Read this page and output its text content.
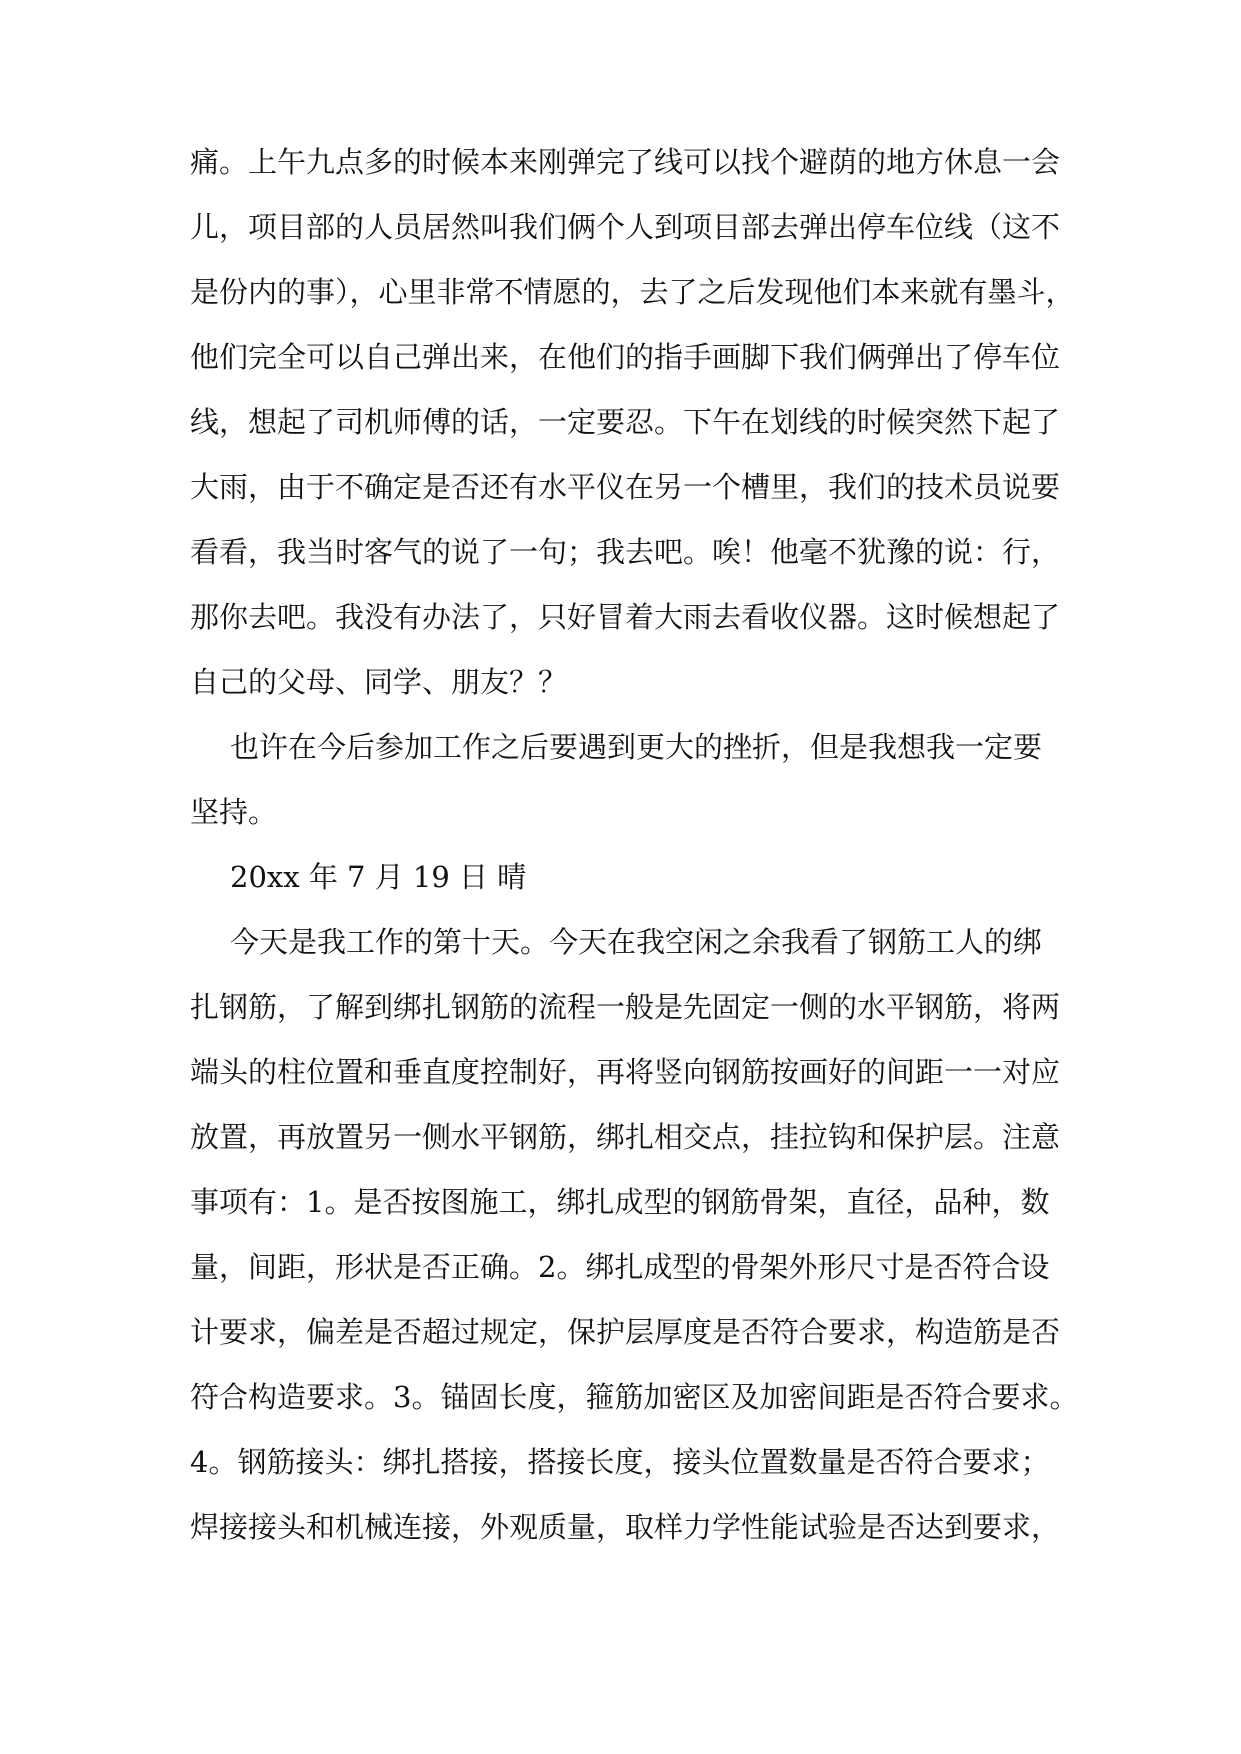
痛。上午九点多的时候本来刚弹完了线可以找个避荫的地方休息一会
儿，项目部的人员居然叫我们俩个人到项目部去弹出停车位线（这不
是份内的事），心里非常不情愿的，去了之后发现他们本来就有墨斗，
他们完全可以自己弹出来，在他们的指手画脚下我们俩弹出了停车位
线，想起了司机师傅的话，一定要忍。下午在划线的时候突然下起了
大雨，由于不确定是否还有水平仪在另一个槽里，我们的技术员说要
看看，我当时客气的说了一句；我去吧。唉！他毫不犹豫的说：行，
那你去吧。我没有办法了，只好冒着大雨去看收仪器。这时候想起了
自己的父母、同学、朋友？？
也许在今后参加工作之后要遇到更大的挫折，但是我想我一定要
坚持。
20xx 年 7 月 19 日 晴
今天是我工作的第十天。今天在我空闲之余我看了钢筋工人的绑
扎钢筋，了解到绑扎钢筋的流程一般是先固定一侧的水平钢筋，将两
端头的柱位置和垂直度控制好，再将竖向钢筋按画好的间距一一对应
放置，再放置另一侧水平钢筋，绑扎相交点，挂拉钩和保护层。注意
事项有：1。是否按图施工，绑扎成型的钢筋骨架，直径，品种，数
量，间距，形状是否正确。2。绑扎成型的骨架外形尺寸是否符合设
计要求，偏差是否超过规定，保护层厚度是否符合要求，构造筋是否
符合构造要求。3。锚固长度，箍筋加密区及加密间距是否符合要求。
4。钢筋接头：绑扎搭接，搭接长度，接头位置数量是否符合要求；
焊接接头和机械连接，外观质量，取样力学性能试验是否达到要求，
